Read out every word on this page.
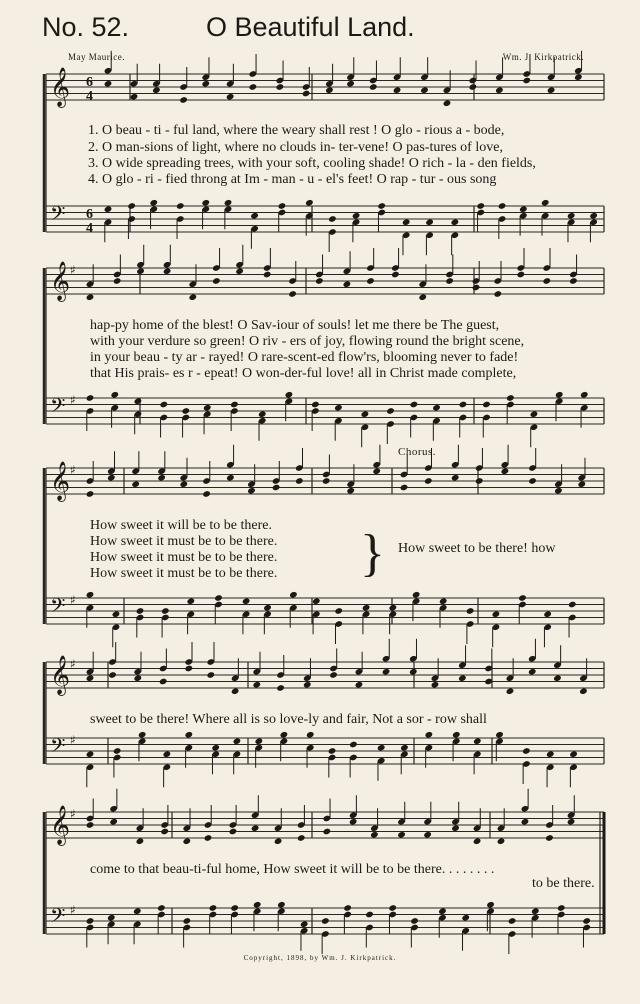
𝄞 6
4
𝄢 6
4
𝄞 ♯
𝄢 ♯
𝄞 ♯
𝄢 ♯
𝄞 ♯
𝄢 ♯
𝄞 ♯
𝄢 ♯
No. 52.	O Beautiful Land.
May Maurice.	Wm. J. Kirkpatrick.
1. O beau - ti - ful land, where the weary shall rest ! O glo - rious a - bode,
2. O man-sions of light, where no clouds in- ter-vene! O pas-tures of love,
3. O wide spreading trees, with your soft, cooling shade! O rich - la - den fields,
4. O glo - ri - fied throng at Im - man - u - el's feet! O rap - tur - ous song
hap-py home of the blest! O Sav-iour of souls! let me there be The guest,
with your verdure so green! O riv - ers of joy, flowing round the bright scene,
in your beau - ty ar - rayed! O rare-scent-ed flow'rs, blooming never to fade!
that His prais- es r - epeat! O won-der-ful love! all in Christ made complete,
Chorus.
How sweet it will be to be there.
How sweet it must be to be there.
How sweet it must be to be there.
How sweet it must be to be there. } How sweet to be there! how
sweet to be there! Where all is so love-ly and fair, Not a sor - row shall
come to that beau-ti-ful home, How sweet it will be to be there. . . . . . . .
to be there.
Copyright, 1898, by Wm. J. Kirkpatrick.
